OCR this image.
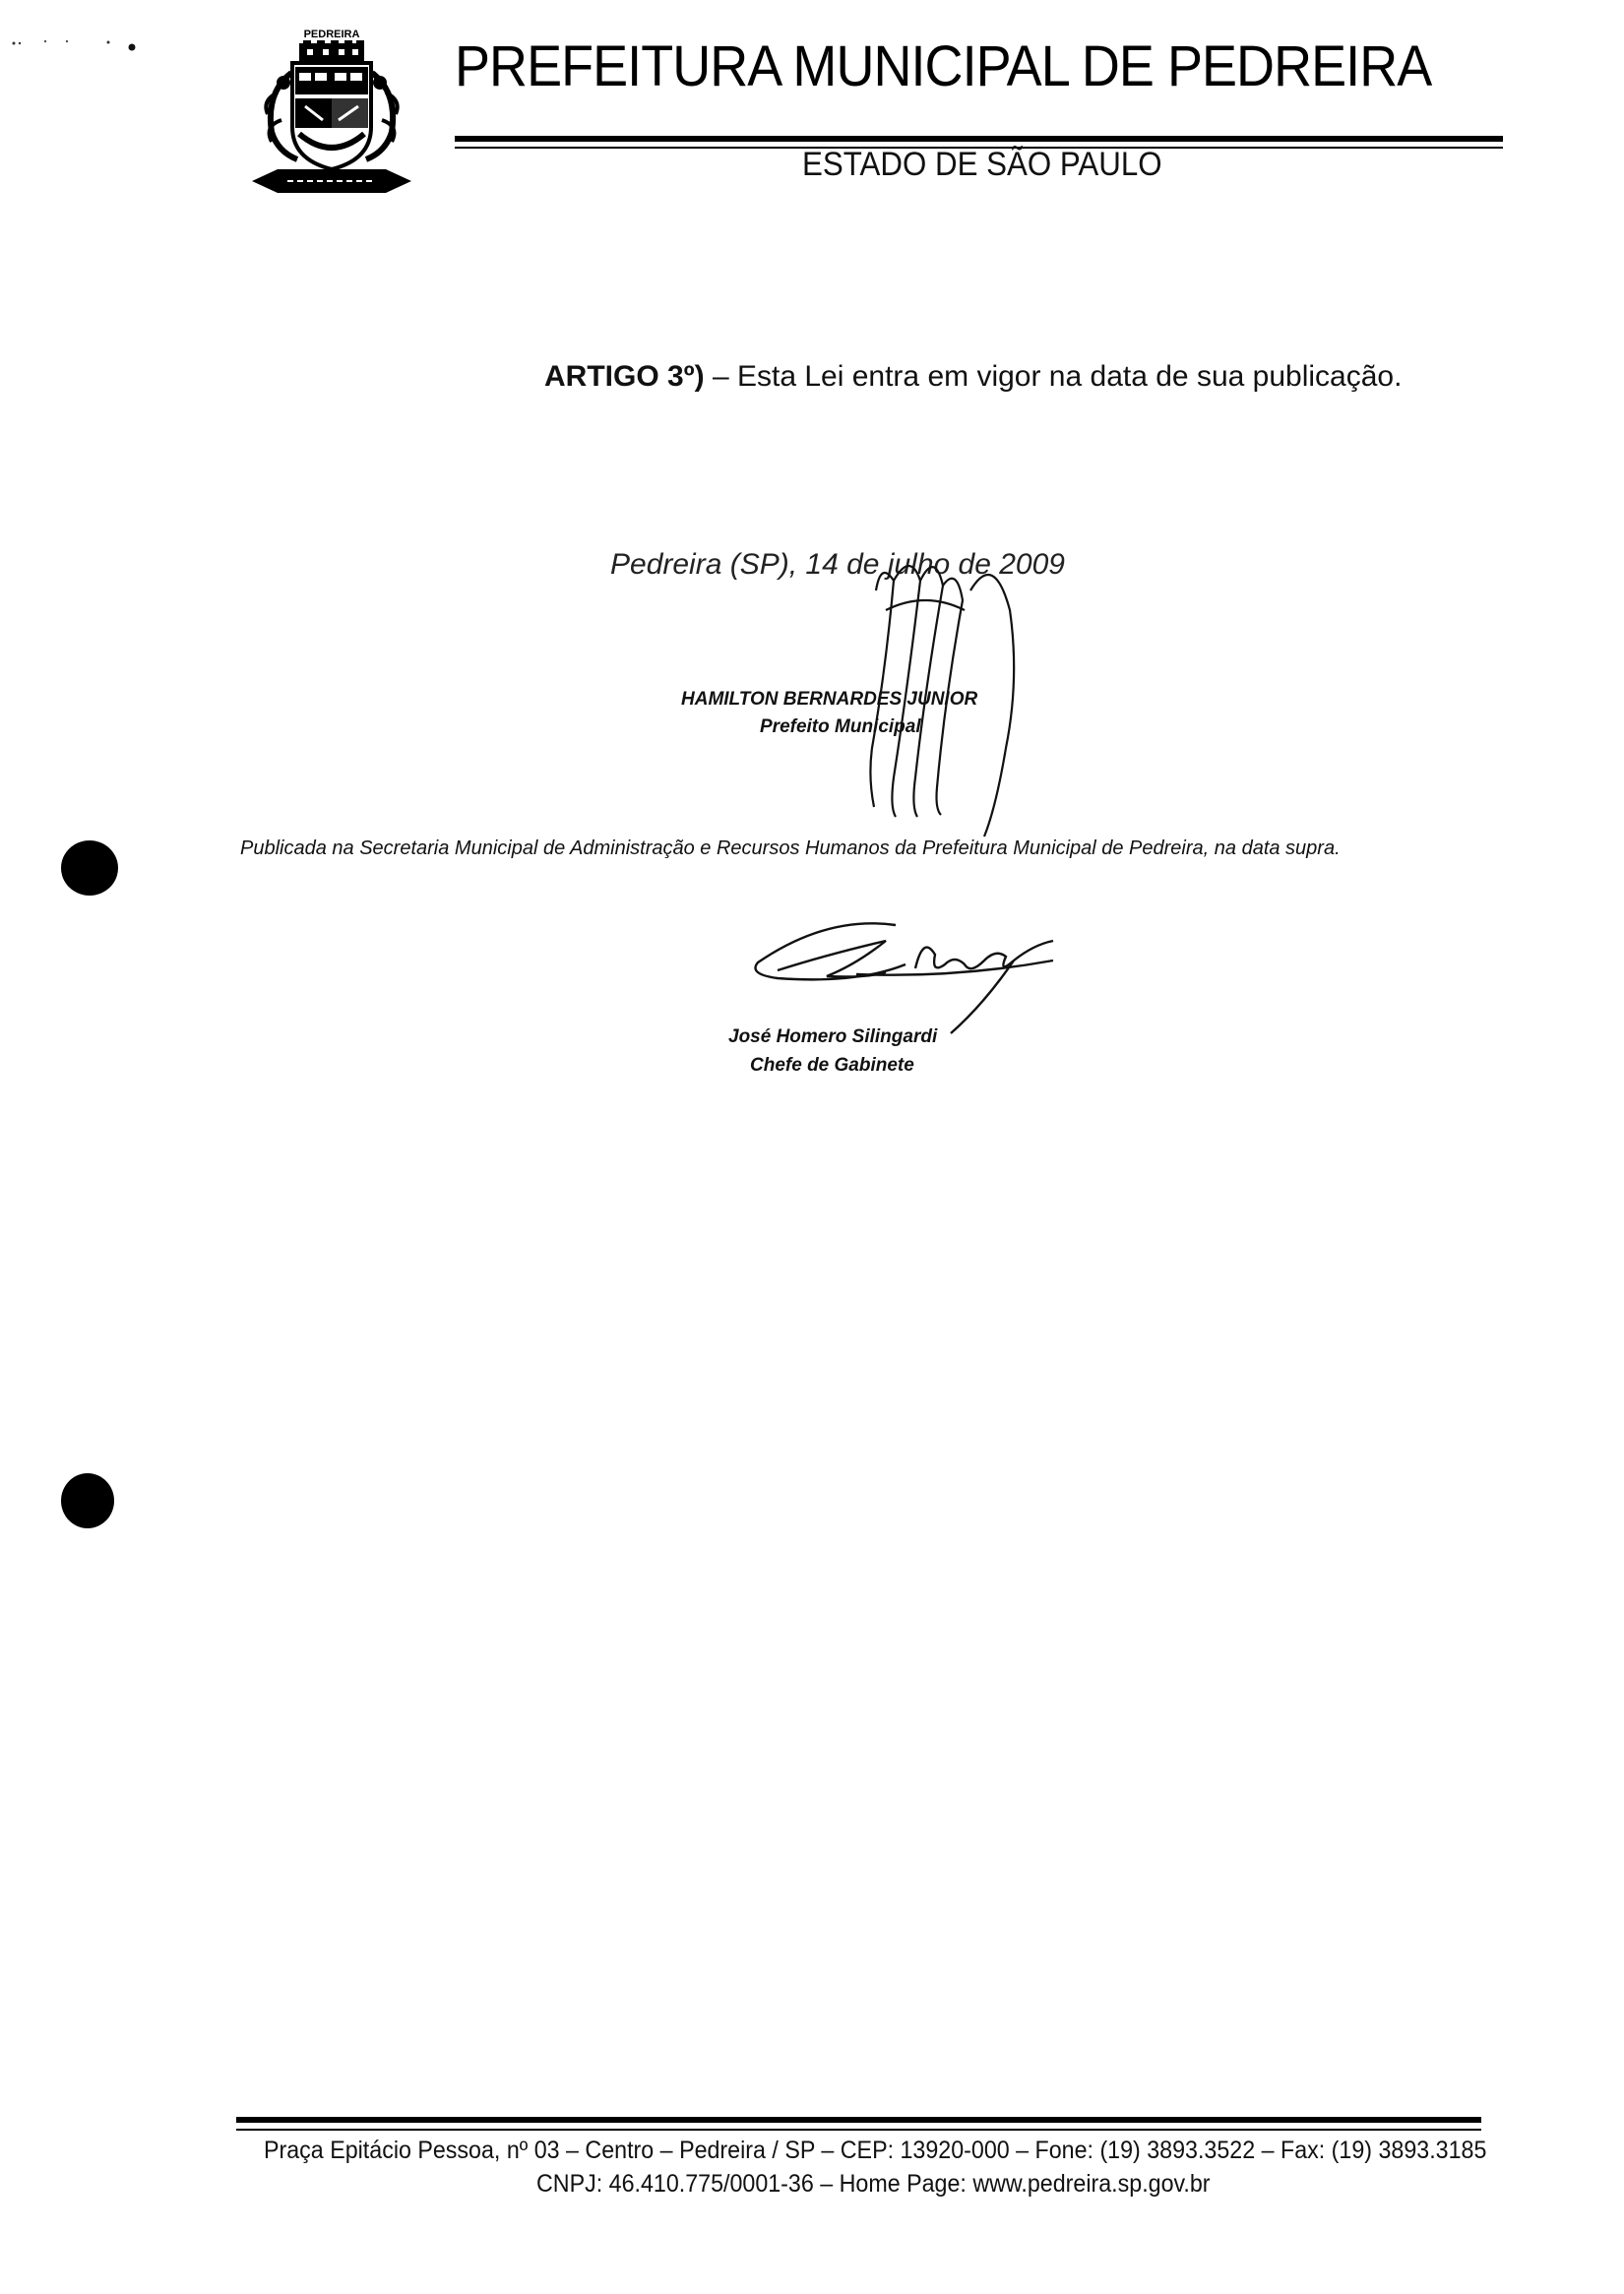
PEDREIRA PREFEITURA MUNICIPAL DE PEDREIRA
ESTADO DE SÃO PAULO
ARTIGO 3º) – Esta Lei entra em vigor na data de sua publicação.
Pedreira (SP), 14 de julho de 2009
HAMILTON BERNARDES JUNIOR
Prefeito Municipal
Publicada na Secretaria Municipal de Administração e Recursos Humanos da Prefeitura Municipal de Pedreira, na data supra.
José Homero Silingardi
Chefe de Gabinete
Praça Epitácio Pessoa, nº 03 – Centro – Pedreira / SP – CEP: 13920-000 – Fone: (19) 3893.3522 – Fax: (19) 3893.3185
CNPJ: 46.410.775/0001-36 – Home Page: www.pedreira.sp.gov.br
